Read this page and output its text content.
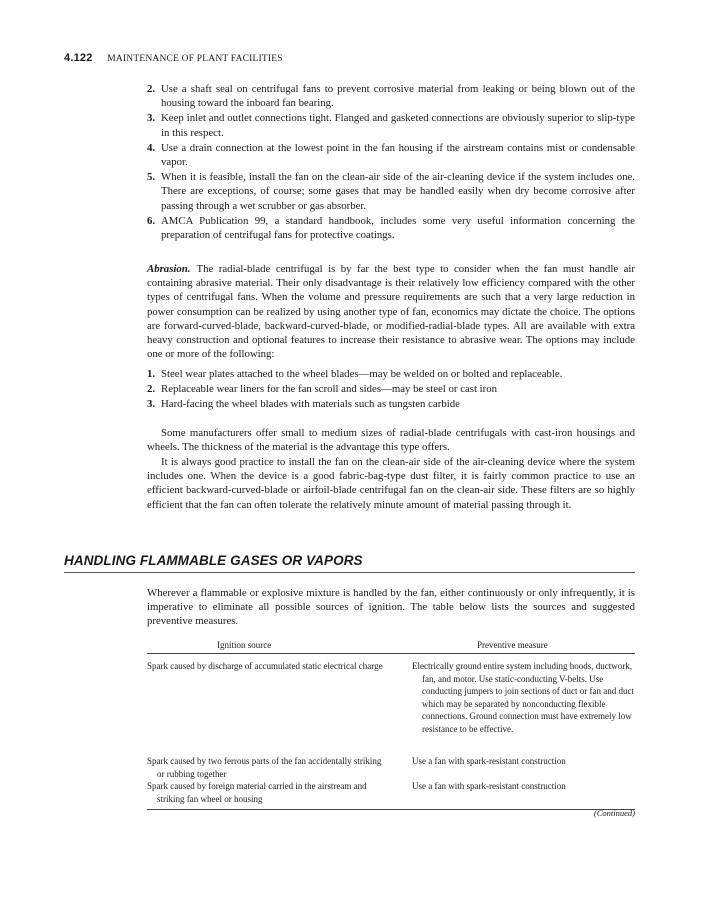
4.122 MAINTENANCE OF PLANT FACILITIES
2. Use a shaft seal on centrifugal fans to prevent corrosive material from leaking or being blown out of the housing toward the inboard fan bearing.
3. Keep inlet and outlet connections tight. Flanged and gasketed connections are obviously superior to slip-type in this respect.
4. Use a drain connection at the lowest point in the fan housing if the airstream contains mist or condensable vapor.
5. When it is feasible, install the fan on the clean-air side of the air-cleaning device if the system includes one. There are exceptions, of course; some gases that may be handled easily when dry become corrosive after passing through a wet scrubber or gas absorber.
6. AMCA Publication 99, a standard handbook, includes some very useful information concerning the preparation of centrifugal fans for protective coatings.

Abrasion. The radial-blade centrifugal is by far the best type to consider when the fan must handle air containing abrasive material. Their only disadvantage is their relatively low efficiency compared with the other types of centrifugal fans. When the volume and pressure requirements are such that a very large reduction in power consumption can be realized by using another type of fan, economics may dictate the choice. The options are forward-curved-blade, backward-curved-blade, or modified-radial-blade types. All are available with extra heavy construction and optional features to increase their resistance to abrasive wear. The options may include one or more of the following:

1. Steel wear plates attached to the wheel blades—may be welded on or bolted and replaceable.
2. Replaceable wear liners for the fan scroll and sides—may be steel or cast iron
3. Hard-facing the wheel blades with materials such as tungsten carbide

Some manufacturers offer small to medium sizes of radial-blade centrifugals with cast-iron housings and wheels. The thickness of the material is the advantage this type offers.

It is always good practice to install the fan on the clean-air side of the air-cleaning device where the system includes one. When the device is a good fabric-bag-type dust filter, it is fairly common practice to use an efficient backward-curved-blade or airfoil-blade centrifugal fan on the clean-air side. These filters are so highly efficient that the fan can often tolerate the relatively minute amount of material passing through it.

HANDLING FLAMMABLE GASES OR VAPORS

Wherever a flammable or explosive mixture is handled by the fan, either continuously or only infrequently, it is imperative to eliminate all possible sources of ignition. The table below lists the sources and suggested preventive measures.

Ignition source	Preventive measure
Spark caused by discharge of accumulated static electrical charge	Electrically ground entire system including hoods, ductwork, fan, and motor. Use static-conducting V-belts. Use conducting jumpers to join sections of duct or fan and duct which may be separated by nonconducting flexible connections. Ground connection must have extremely low resistance to be effective.
Spark caused by two ferrous parts of the fan accidentally striking or rubbing together
Use a fan with spark-resistant construction
Spark caused by foreign material carried in the airstream and striking fan wheel or housing
Use a fan with spark-resistant construction
(Continued)
